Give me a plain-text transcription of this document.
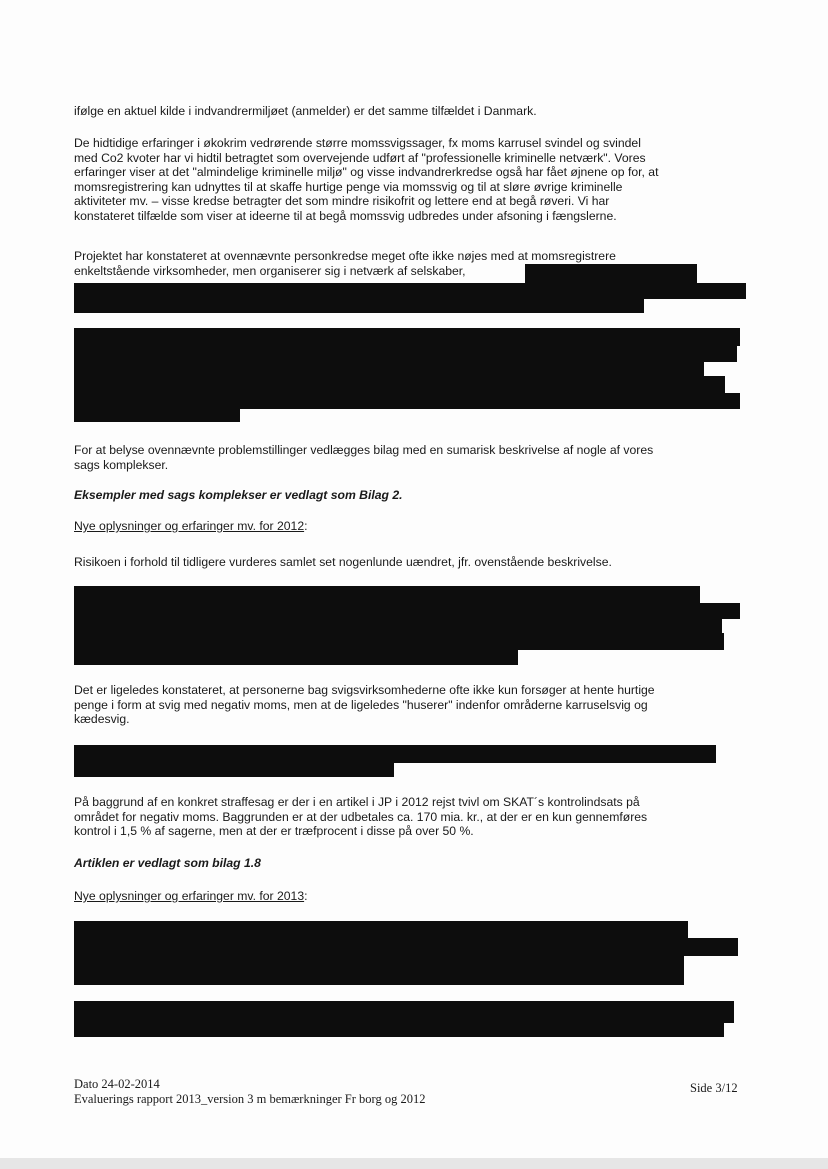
ifølge en aktuel kilde i indvandrermiljøet (anmelder) er det samme tilfældet i Danmark.

De hidtidige erfaringer i økokrim vedrørende større momssvigssager, fx moms karrusel svindel og svindel
med Co2 kvoter har vi hidtil betragtet som overvejende udført af "professionelle kriminelle netværk". Vores
erfaringer viser at det "almindelige kriminelle miljø" og visse indvandrerkredse også har fået øjnene op for, at
momsregistrering kan udnyttes til at skaffe hurtige penge via momssvig og til at sløre øvrige kriminelle
aktiviteter mv. – visse kredse betragter det som mindre risikofrit og lettere end at begå røveri. Vi har
konstateret tilfælde som viser at ideerne til at begå momssvig udbredes under afsoning i fængslerne.

Projektet har konstateret at ovennævnte personkredse meget ofte ikke nøjes med at momsregistrere
enkeltstående virksomheder, men organiserer sig i netværk af selskaber,

For at belyse ovennævnte problemstillinger vedlægges bilag med en sumarisk beskrivelse af nogle af vores
sags komplekser.

Eksempler med sags komplekser er vedlagt som Bilag 2.

Nye oplysninger og erfaringer mv. for 2012:

Risikoen i forhold til tidligere vurderes samlet set nogenlunde uændret, jfr. ovenstående beskrivelse.

Det er ligeledes konstateret, at personerne bag svigsvirksomhederne ofte ikke kun forsøger at hente hurtige
penge i form at svig med negativ moms, men at de ligeledes "huserer" indenfor områderne karruselsvig og
kædesvig.

På baggrund af en konkret straffesag er der i en artikel i JP i 2012 rejst tvivl om SKAT´s kontrolindsats på
området for negativ moms. Baggrunden er at der udbetales ca. 170 mia. kr., at der er en kun gennemføres
kontrol i 1,5 % af sagerne, men at der er træfprocent i disse på over 50 %.

Artiklen er vedlagt som bilag 1.8

Nye oplysninger og erfaringer mv. for 2013:

Dato 24-02-2014
Evaluerings rapport 2013_version 3 m bemærkninger Fr borg og 2012
Side 3/12
